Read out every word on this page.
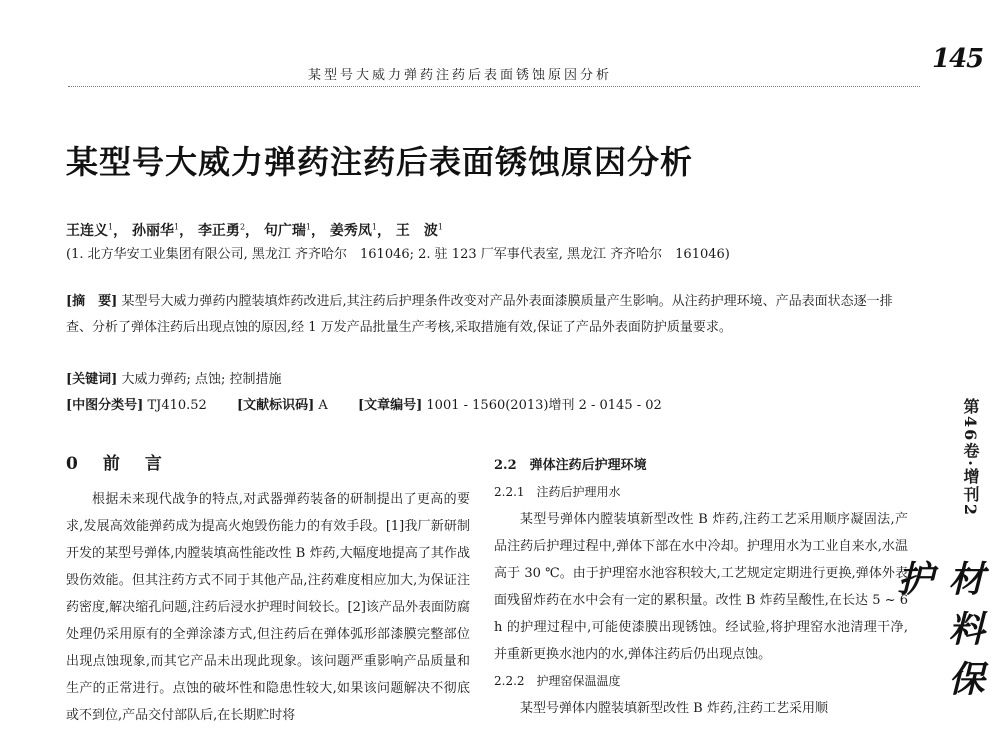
某型号大威力弹药注药后表面锈蚀原因分析
145
某型号大威力弹药注药后表面锈蚀原因分析
王连义$^1$， 孙丽华$^1$， 李正勇$^2$， 句广瑞$^1$， 姜秀凤$^1$， 王　波$^1$
(1. 北方华安工业集团有限公司, 黑龙江 齐齐哈尔　161046; 2. 驻 123 厂军事代表室, 黑龙江 齐齐哈尔　161046)
[摘　要] 某型号大威力弹药内膛装填炸药改进后,其注药后护理条件改变对产品外表面漆膜质量产生影响。从注药护理环境、产品表面状态逐一排查、分析了弹体注药后出现点蚀的原因,经 1 万发产品批量生产考核,采取措施有效,保证了产品外表面防护质量要求。
[关键词] 大威力弹药; 点蚀; 控制措施
[中图分类号] TJ410.52 [文献标识码] A [文章编号] 1001 - 1560(2013)增刊 2 - 0145 - 02
0　前　言

根据未来现代战争的特点,对武器弹药装备的研制提出了更高的要求,发展高效能弹药成为提高火炮毁伤能力的有效手段。[1]我厂新研制开发的某型号弹体,内膛装填高性能改性 B 炸药,大幅度地提高了其作战毁伤效能。但其注药方式不同于其他产品,注药难度相应加大,为保证注药密度,解决缩孔问题,注药后浸水护理时间较长。[2]该产品外表面防腐处理仍采用原有的全弹涂漆方式,但注药后在弹体弧形部漆膜完整部位出现点蚀现象,而其它产品未出现此现象。该问题严重影响产品质量和生产的正常进行。点蚀的破坏性和隐患性较大,如果该问题解决不彻底或不到位,产品交付部队后,在长期贮时将

2.2　弹体注药后护理环境
2.2.1　注药后护理用水

某型号弹体内膛装填新型改性 B 炸药,注药工艺采用顺序凝固法,产品注药后护理过程中,弹体下部在水中冷却。护理用水为工业自来水,水温高于 30 ℃。由于护理窑水池容积较大,工艺规定定期进行更换,弹体外表面残留炸药在水中会有一定的累积量。改性 B 炸药呈酸性,在长达 5 ~ 6 h 的护理过程中,可能使漆膜出现锈蚀。经试验,将护理窑水池清理干净,并重新更换水池内的水,弹体注药后仍出现点蚀。

2.2.2　护理窑保温温度

某型号弹体内膛装填新型改性 B 炸药,注药工艺采用顺

第46卷·增刊2
材料保护
